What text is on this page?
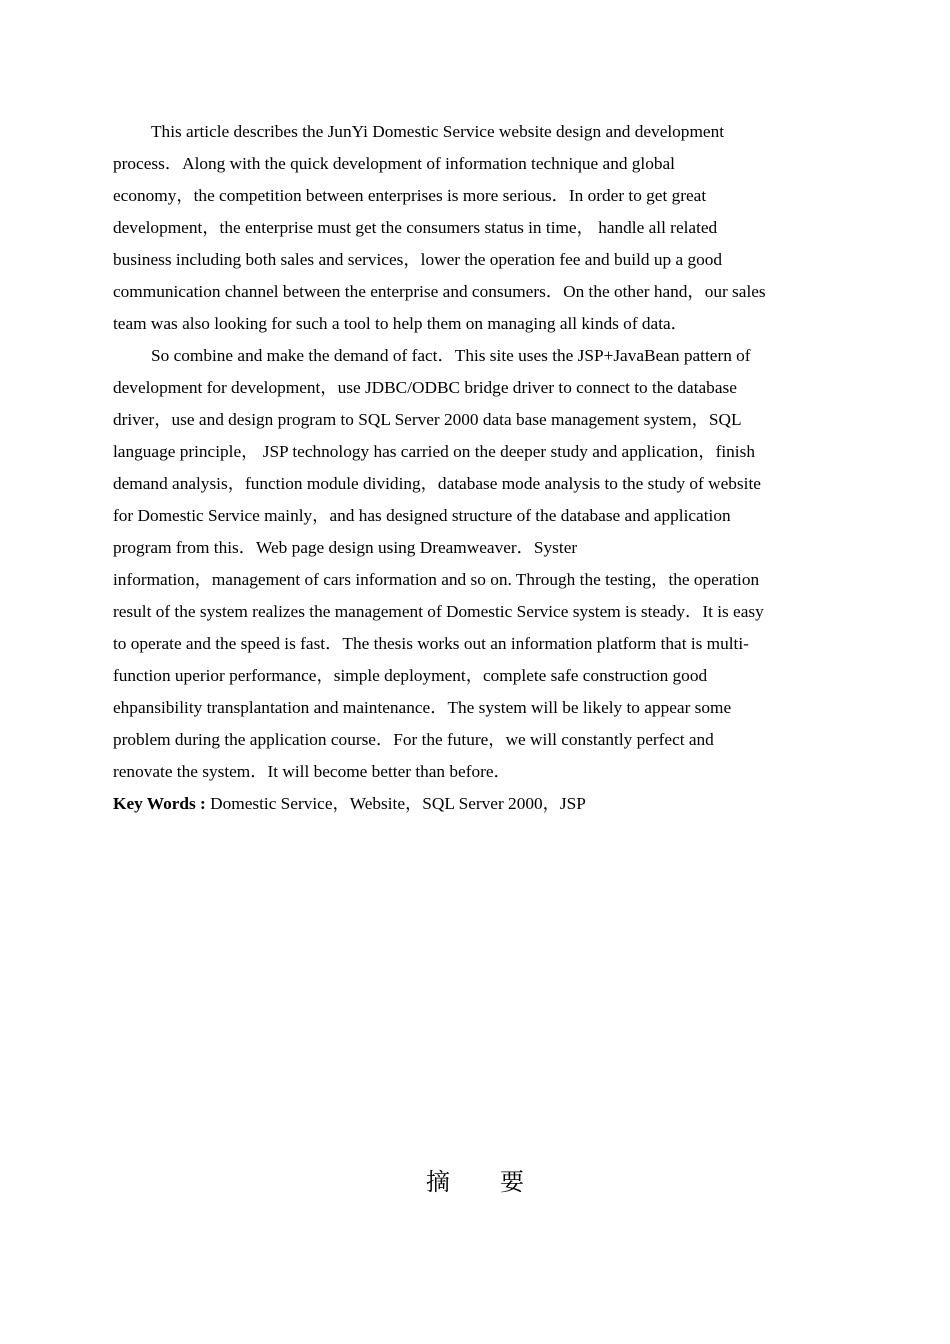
This article describes the JunYi Domestic Service website design and development
process．Along with the quick development of information technique and global
economy，the competition between enterprises is more serious．In order to get great
development，the enterprise must get the consumers status in time， handle all related
business including both sales and services，lower the operation fee and build up a good
communication channel between the enterprise and consumers．On the other hand，our sales
team was also looking for such a tool to help them on managing all kinds of data．
So combine and make the demand of fact．This site uses the JSP+JavaBean pattern of
development for development，use JDBC/ODBC bridge driver to connect to the database
driver，use and design program to SQL Server 2000 data base management system，SQL
language principle， JSP technology has carried on the deeper study and application，finish
demand analysis，function module dividing，database mode analysis to the study of website
for Domestic Service mainly，and has designed structure of the database and application
program from this．Web page design using Dreamweaver．Syster
information，management of cars information and so on. Through the testing，the operation
result of the system realizes the management of Domestic Service system is steady．It is easy
to operate and the speed is fast．The thesis works out an information platform that is multi-
function uperior performance，simple deployment，complete safe construction good
ehpansibility transplantation and maintenance．The system will be likely to appear some
problem during the application course．For the future，we will constantly perfect and
renovate the system．It will become better than before．
Key Words : Domestic Service，Website，SQL Server 2000，JSP
摘 要
